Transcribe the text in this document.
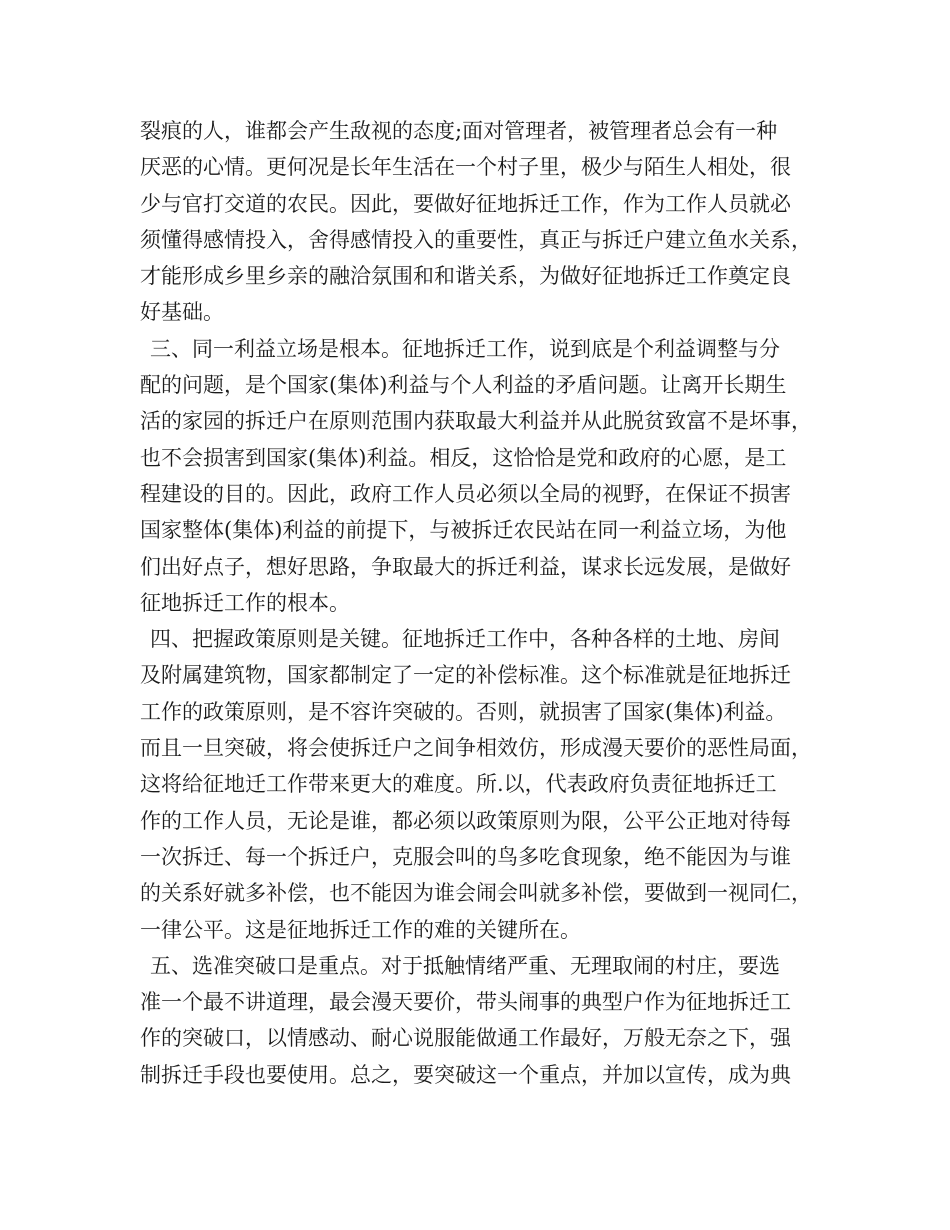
裂痕的人，谁都会产生敌视的态度;面对管理者，被管理者总会有一种
厌恶的心情。更何况是长年生活在一个村子里，极少与陌生人相处，很
少与官打交道的农民。因此，要做好征地拆迁工作，作为工作人员就必
须懂得感情投入，舍得感情投入的重要性，真正与拆迁户建立鱼水关系，
才能形成乡里乡亲的融洽氛围和和谐关系，为做好征地拆迁工作奠定良
好基础。
三、同一利益立场是根本。征地拆迁工作，说到底是个利益调整与分
配的问题，是个国家(集体)利益与个人利益的矛盾问题。让离开长期生
活的家园的拆迁户在原则范围内获取最大利益并从此脱贫致富不是坏事，
也不会损害到国家(集体)利益。相反，这恰恰是党和政府的心愿，是工
程建设的目的。因此，政府工作人员必须以全局的视野，在保证不损害
国家整体(集体)利益的前提下，与被拆迁农民站在同一利益立场，为他
们出好点子，想好思路，争取最大的拆迁利益，谋求长远发展，是做好
征地拆迁工作的根本。
四、把握政策原则是关键。征地拆迁工作中，各种各样的土地、房间
及附属建筑物，国家都制定了一定的补偿标准。这个标准就是征地拆迁
工作的政策原则，是不容许突破的。否则，就损害了国家(集体)利益。
而且一旦突破，将会使拆迁户之间争相效仿，形成漫天要价的恶性局面，
这将给征地迁工作带来更大的难度。所.以，代表政府负责征地拆迁工
作的工作人员，无论是谁，都必须以政策原则为限，公平公正地对待每
一次拆迁、每一个拆迁户，克服会叫的鸟多吃食现象，绝不能因为与谁
的关系好就多补偿，也不能因为谁会闹会叫就多补偿，要做到一视同仁，
一律公平。这是征地拆迁工作的难的关键所在。
五、选准突破口是重点。对于抵触情绪严重、无理取闹的村庄，要选
准一个最不讲道理，最会漫天要价，带头闹事的典型户作为征地拆迁工
作的突破口，以情感动、耐心说服能做通工作最好，万般无奈之下，强
制拆迁手段也要使用。总之，要突破这一个重点，并加以宣传，成为典
